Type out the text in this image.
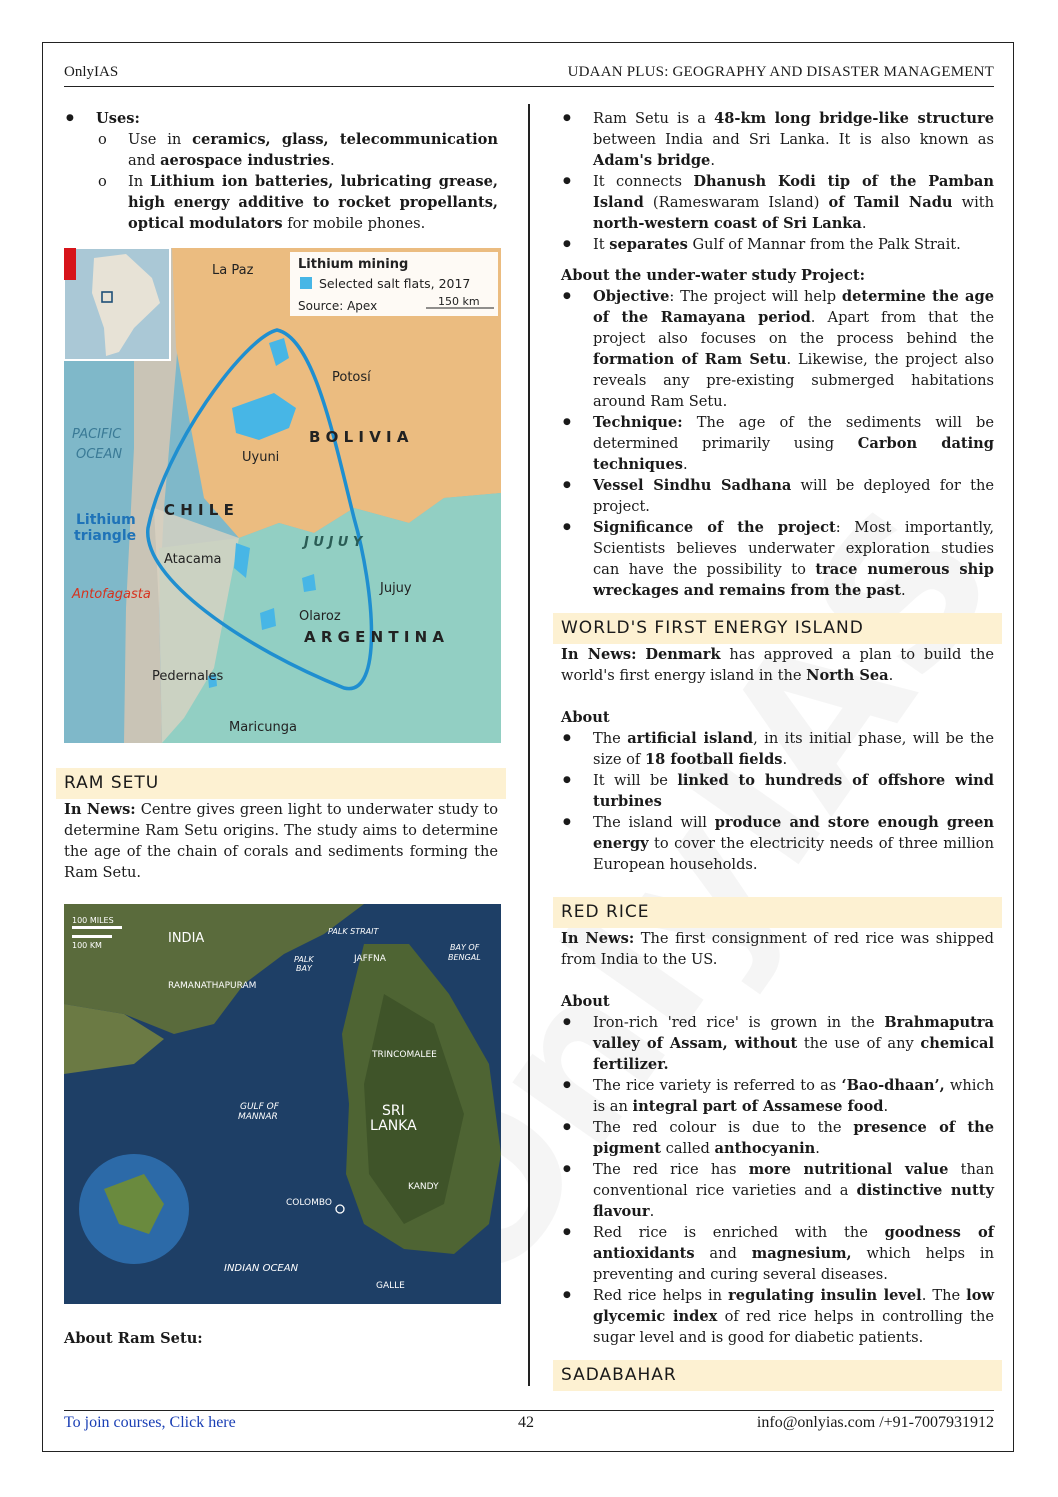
OnlyIAS	UDAAN PLUS: GEOGRAPHY AND DISASTER MANAGEMENT
● Uses:
o Use in ceramics, glass, telecommunication and aerospace industries.
o In Lithium ion batteries, lubricating grease, high energy additive to rocket propellants, optical modulators for mobile phones.
Lithium mining
Selected salt flats, 2017
Source: Apex	150 km
La Paz
Potosí
B O L I V I A
Uyuni
PACIFIC
OCEAN
C H I L E
Lithium
triangle	J U J U Y
Atacama
Jujuy
Antofagasta
Olaroz
A R G E N T I N A
Pedernales
Maricunga
RAM SETU

In News: Centre gives green light to underwater study to determine Ram Setu origins. The study aims to determine the age of the chain of corals and sediments forming the Ram Setu.

100 MILES
100 KM	INDIA	PALK STRAIT
PALK
BAY
JAFFNA
BAY OF
BENGAL
RAMANATHAPURAM
TRINCOMALEE
GULF OF
MANNAR	SRI
LANKA
KANDY
COLOMBO
INDIAN OCEAN
GALLE
About Ram Setu:
● Ram Setu is a 48-km long bridge-like structure between India and Sri Lanka. It is also known as Adam's bridge.
● It connects Dhanush Kodi tip of the Pamban Island (Rameswaram Island) of Tamil Nadu with north-western coast of Sri Lanka.
● It separates Gulf of Mannar from the Palk Strait.
About the under-water study Project:
● Objective: The project will help determine the age of the Ramayana period. Apart from that the project also focuses on the process behind the formation of Ram Setu. Likewise, the project also reveals any pre-existing submerged habitations around Ram Setu.
● Technique: The age of the sediments will be determined primarily using Carbon dating techniques.
● Vessel Sindhu Sadhana will be deployed for the project.
● Significance of the project: Most importantly, Scientists believes underwater exploration studies can have the possibility to trace numerous ship wreckages and remains from the past.
WORLD'S FIRST ENERGY ISLAND

In News: Denmark has approved a plan to build the world's first energy island in the North Sea.

About
● The artificial island, in its initial phase, will be the size of 18 football fields.
● It will be linked to hundreds of offshore wind turbines
● The island will produce and store enough green energy to cover the electricity needs of three million European households.
RED RICE

In News: The first consignment of red rice was shipped from India to the US.

About
● Iron-rich 'red rice' is grown in the Brahmaputra valley of Assam, without the use of any chemical fertilizer.
● The rice variety is referred to as ‘Bao-dhaan’, which is an integral part of Assamese food.
● The red colour is due to the presence of the pigment called anthocyanin.
● The red rice has more nutritional value than conventional rice varieties and a distinctive nutty flavour.
● Red rice is enriched with the goodness of antioxidants and magnesium, which helps in preventing and curing several diseases.
● Red rice helps in regulating insulin level. The low glycemic index of red rice helps in controlling the sugar level and is good for diabetic patients.
SADABAHAR
To join courses, Click here	42	info@onlyias.com /+91-7007931912
